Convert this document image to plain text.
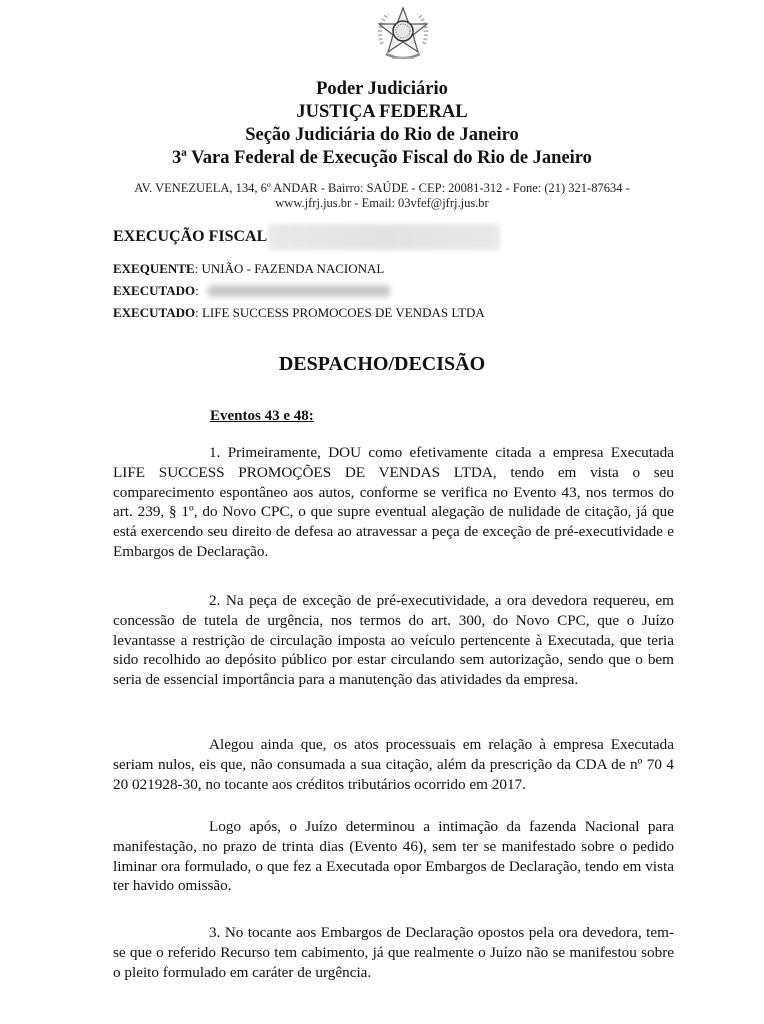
Poder Judiciário
JUSTIÇA FEDERAL
Seção Judiciária do Rio de Janeiro
3ª Vara Federal de Execução Fiscal do Rio de Janeiro
AV. VENEZUELA, 134, 6º ANDAR - Bairro: SAÚDE - CEP: 20081-312 - Fone: (21) 321-87634 -
www.jfrj.jus.br - Email: 03vfef@jfrj.jus.br
EXECUÇÃO FISCAL
EXEQUENTE: UNIÃO - FAZENDA NACIONAL
EXECUTADO:
EXECUTADO: LIFE SUCCESS PROMOCOES DE VENDAS LTDA
DESPACHO/DECISÃO
Eventos 43 e 48:

1. Primeiramente, DOU como efetivamente citada a empresa Executada LIFE SUCCESS PROMOÇÕES DE VENDAS LTDA, tendo em vista o seu comparecimento espontâneo aos autos, conforme se verifica no Evento 43, nos termos do art. 239, § 1º, do Novo CPC, o que supre eventual alegação de nulidade de citação, já que está exercendo seu direito de defesa ao atravessar a peça de exceção de pré-executividade e Embargos de Declaração.

2. Na peça de exceção de pré-executividade, a ora devedora requereu, em concessão de tutela de urgência, nos termos do art. 300, do Novo CPC, que o Juízo levantasse a restrição de circulação imposta ao veículo pertencente à Executada, que teria sido recolhido ao depósito público por estar circulando sem autorização, sendo que o bem seria de essencial importância para a manutenção das atividades da empresa.

Alegou ainda que, os atos processuais em relação à empresa Executada seriam nulos, eis que, não consumada a sua citação, além da prescrição da CDA de nº 70 4 20 021928-30, no tocante aos créditos tributários ocorrido em 2017.

Logo após, o Juízo determinou a intimação da fazenda Nacional para manifestação, no prazo de trinta dias (Evento 46), sem ter se manifestado sobre o pedido liminar ora formulado, o que fez a Executada opor Embargos de Declaração, tendo em vista ter havido omissão.

3. No tocante aos Embargos de Declaração opostos pela ora devedora, tem-se que o referido Recurso tem cabimento, já que realmente o Juízo não se manifestou sobre o pleito formulado em caráter de urgência.
